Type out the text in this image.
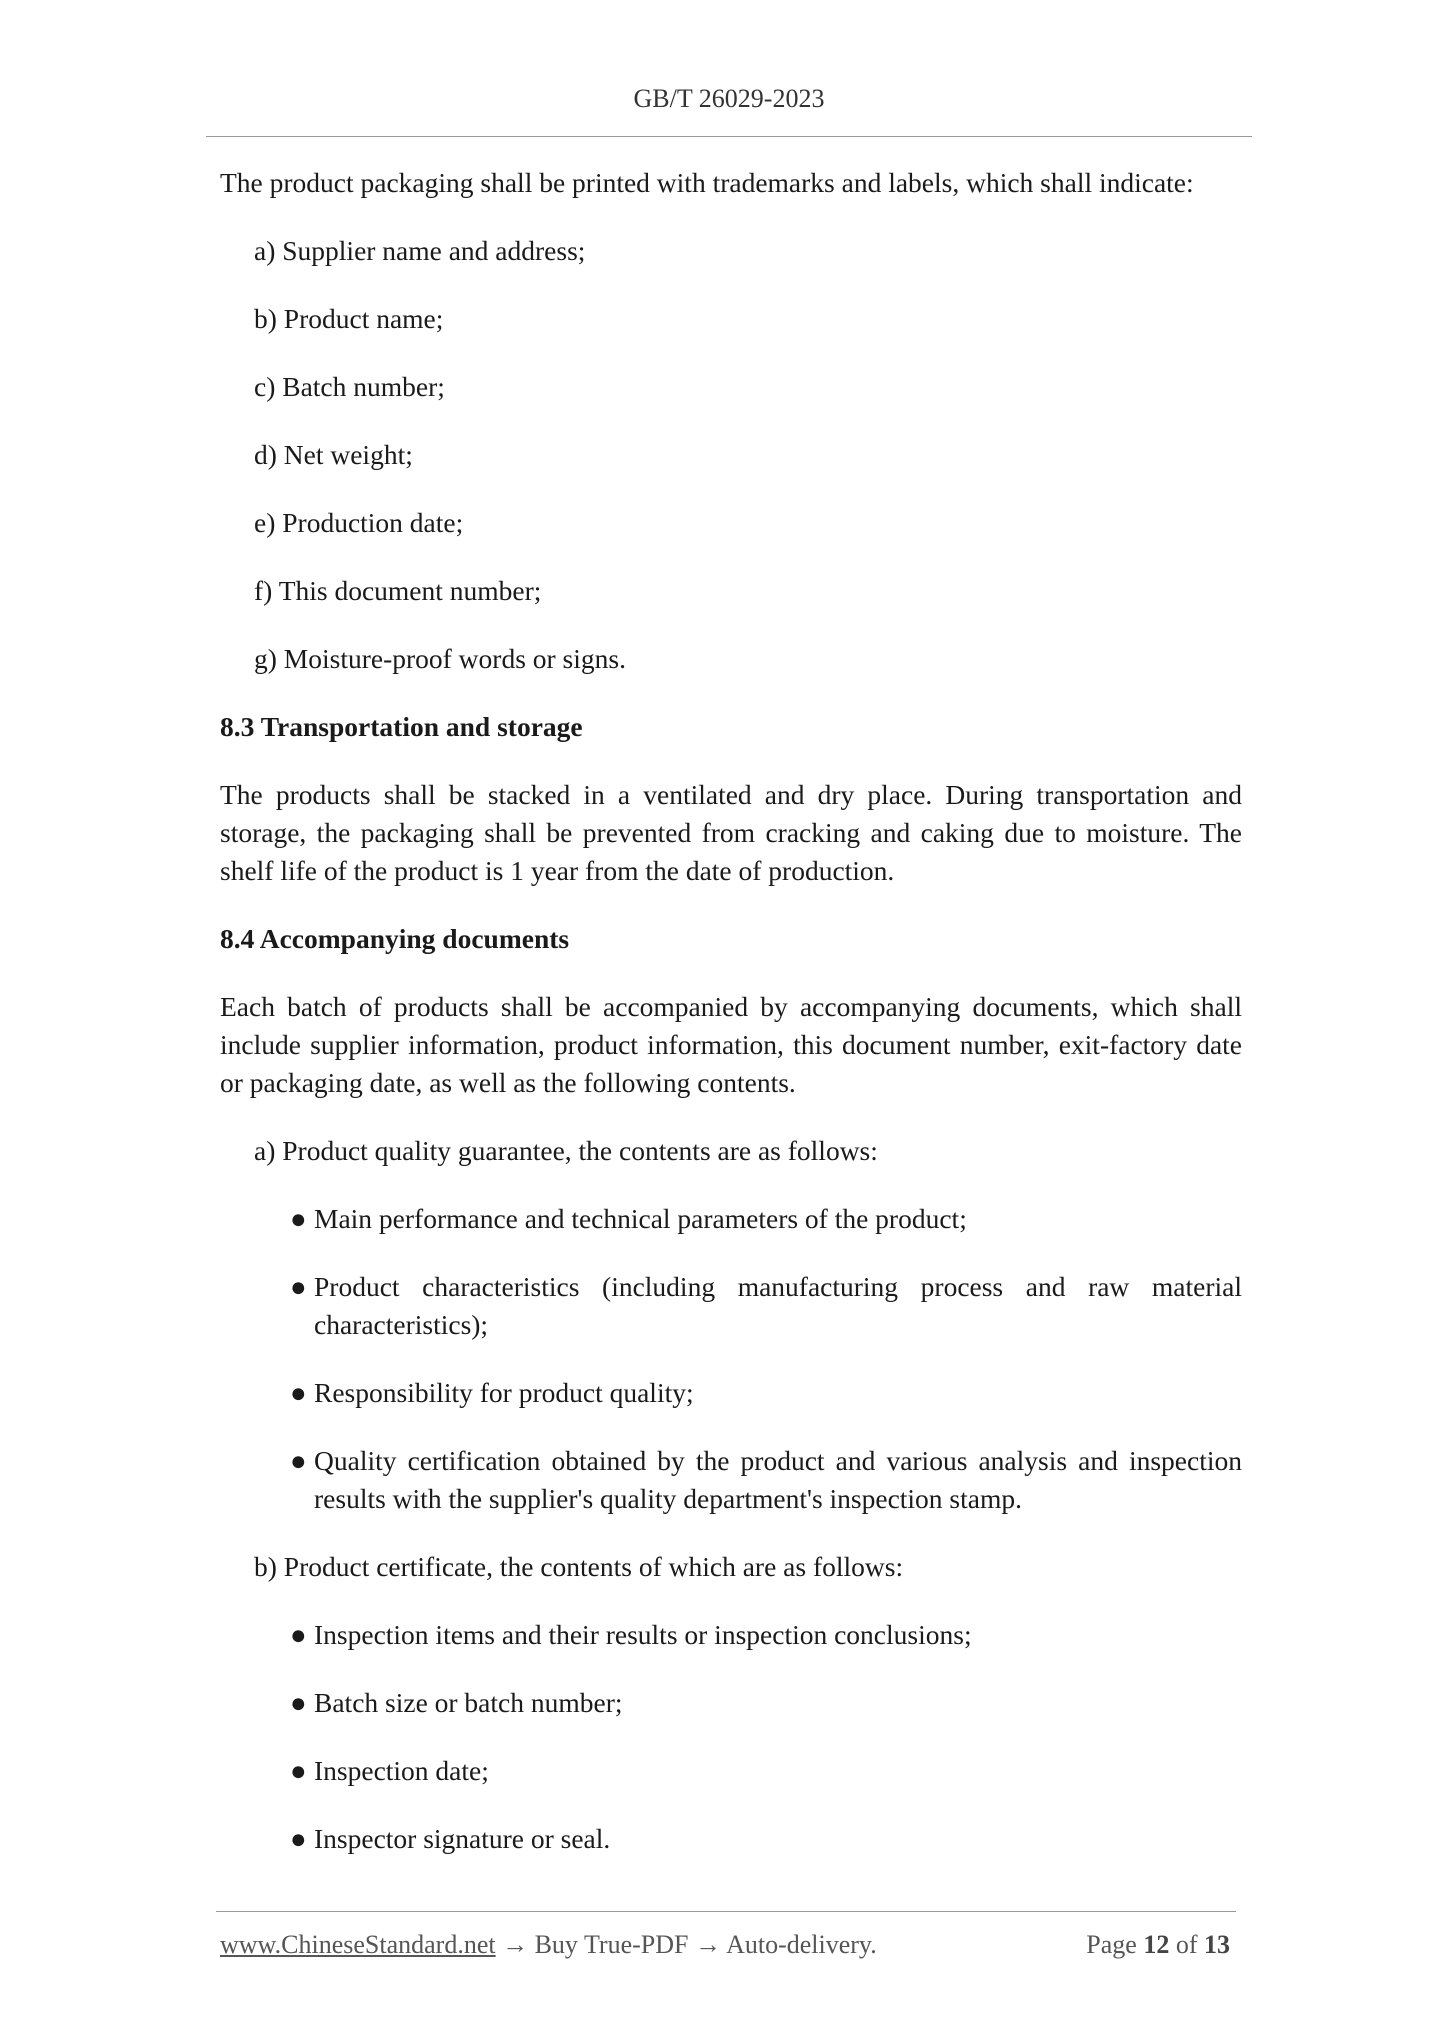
GB/T 26029-2023

The product packaging shall be printed with trademarks and labels, which shall indicate:

a) Supplier name and address;

b) Product name;

c) Batch number;

d) Net weight;

e) Production date;

f) This document number;

g) Moisture-proof words or signs.

8.3 Transportation and storage

The products shall be stacked in a ventilated and dry place. During transportation and storage, the packaging shall be prevented from cracking and caking due to moisture. The shelf life of the product is 1 year from the date of production.

8.4 Accompanying documents

Each batch of products shall be accompanied by accompanying documents, which shall include supplier information, product information, this document number, exit-factory date or packaging date, as well as the following contents.

a) Product quality guarantee, the contents are as follows:

● Main performance and technical parameters of the product;

● Product characteristics (including manufacturing process and raw material characteristics);

● Responsibility for product quality;

● Quality certification obtained by the product and various analysis and inspection results with the supplier's quality department's inspection stamp.

b) Product certificate, the contents of which are as follows:

● Inspection items and their results or inspection conclusions;

● Batch size or batch number;

● Inspection date;

● Inspector signature or seal.

www.ChineseStandard.net → Buy True-PDF → Auto-delivery.	Page 12 of 13
